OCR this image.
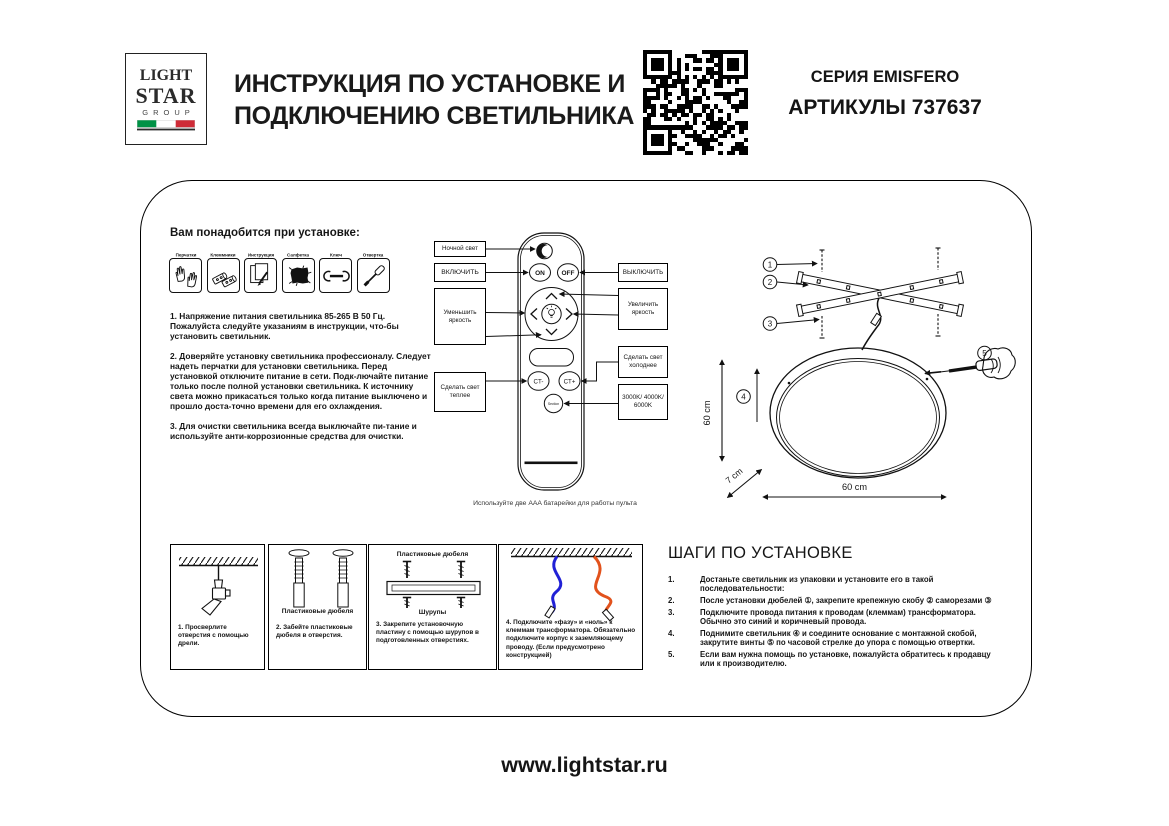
LIGHT
STAR
GROUP
ИНСТРУКЦИЯ ПО УСТАНОВКЕ И
ПОДКЛЮЧЕНИЮ СВЕТИЛЬНИКА
СЕРИЯ EMISFERO
АРТИКУЛЫ 737637
Вам понадобится при установке:
Перчатки	Клеммники	Инструкция	Салфетка	Ключ	Отвертка

1. Напряжение питания светильника 85-265 В 50 Гц. Пожалуйста следуйте указаниям в инструкции, что-бы установить светильник.

2. Доверяйте установку светильника профессионалу. Следует надеть перчатки для установки светильника. Перед установкой отключите питание в сети. Подк-лючайте питание только после полной установки светильника. К источнику света можно прикасаться только когда питание выключено и прошло доста-точно времени для его охлаждения.

3. Для очистки светильника всегда выключайте пи-тание и используйте анти-коррозионные средства для очистки.

ON	OFF
CT-	CT+
Section
Ночной свет
ВКЛЮЧИТЬ
Уменьшить яркость
Сделать свет теплее
ВЫКЛЮЧИТЬ
Увеличить яркость
Сделать свет холоднее
3000K/ 4000K/ 6000K
Используйте две AAA батарейки для работы пульта
1
2
3
60 cm
7 cm
60 cm
4
5
1. Просверлите отверстия с помощью дрели.
Пластиковые дюбеля
2. Забейте пластиковые дюбеля в отверстия.
Пластиковые дюбеля
Шурупы
3. Закрепите установочную пластину с помощью шурупов в подготовленных отверстиях.
4. Подключите «фазу» и «ноль» к клеммам трансформатора. Обязательно подключите корпус к заземляющему проводу. (Если предусмотрено конструкцией)
ШАГИ ПО УСТАНОВКЕ
1.	Достаньте светильник из упаковки и установите его в такой последовательности:
2.	После установки дюбелей ①, закрепите крепежную скобу ② саморезами ③
3.	Подключите провода питания к проводам (клеммам) трансформатора. Обычно это синий и коричневый провода.
4.	Поднимите светильник ④ и соедините основание с монтажной скобой, закрутите винты ⑤ по часовой стрелке до упора с помощью отвертки.
5.	Если вам нужна помощь по установке, пожалуйста обратитесь к продавцу или к производителю.
www.lightstar.ru
